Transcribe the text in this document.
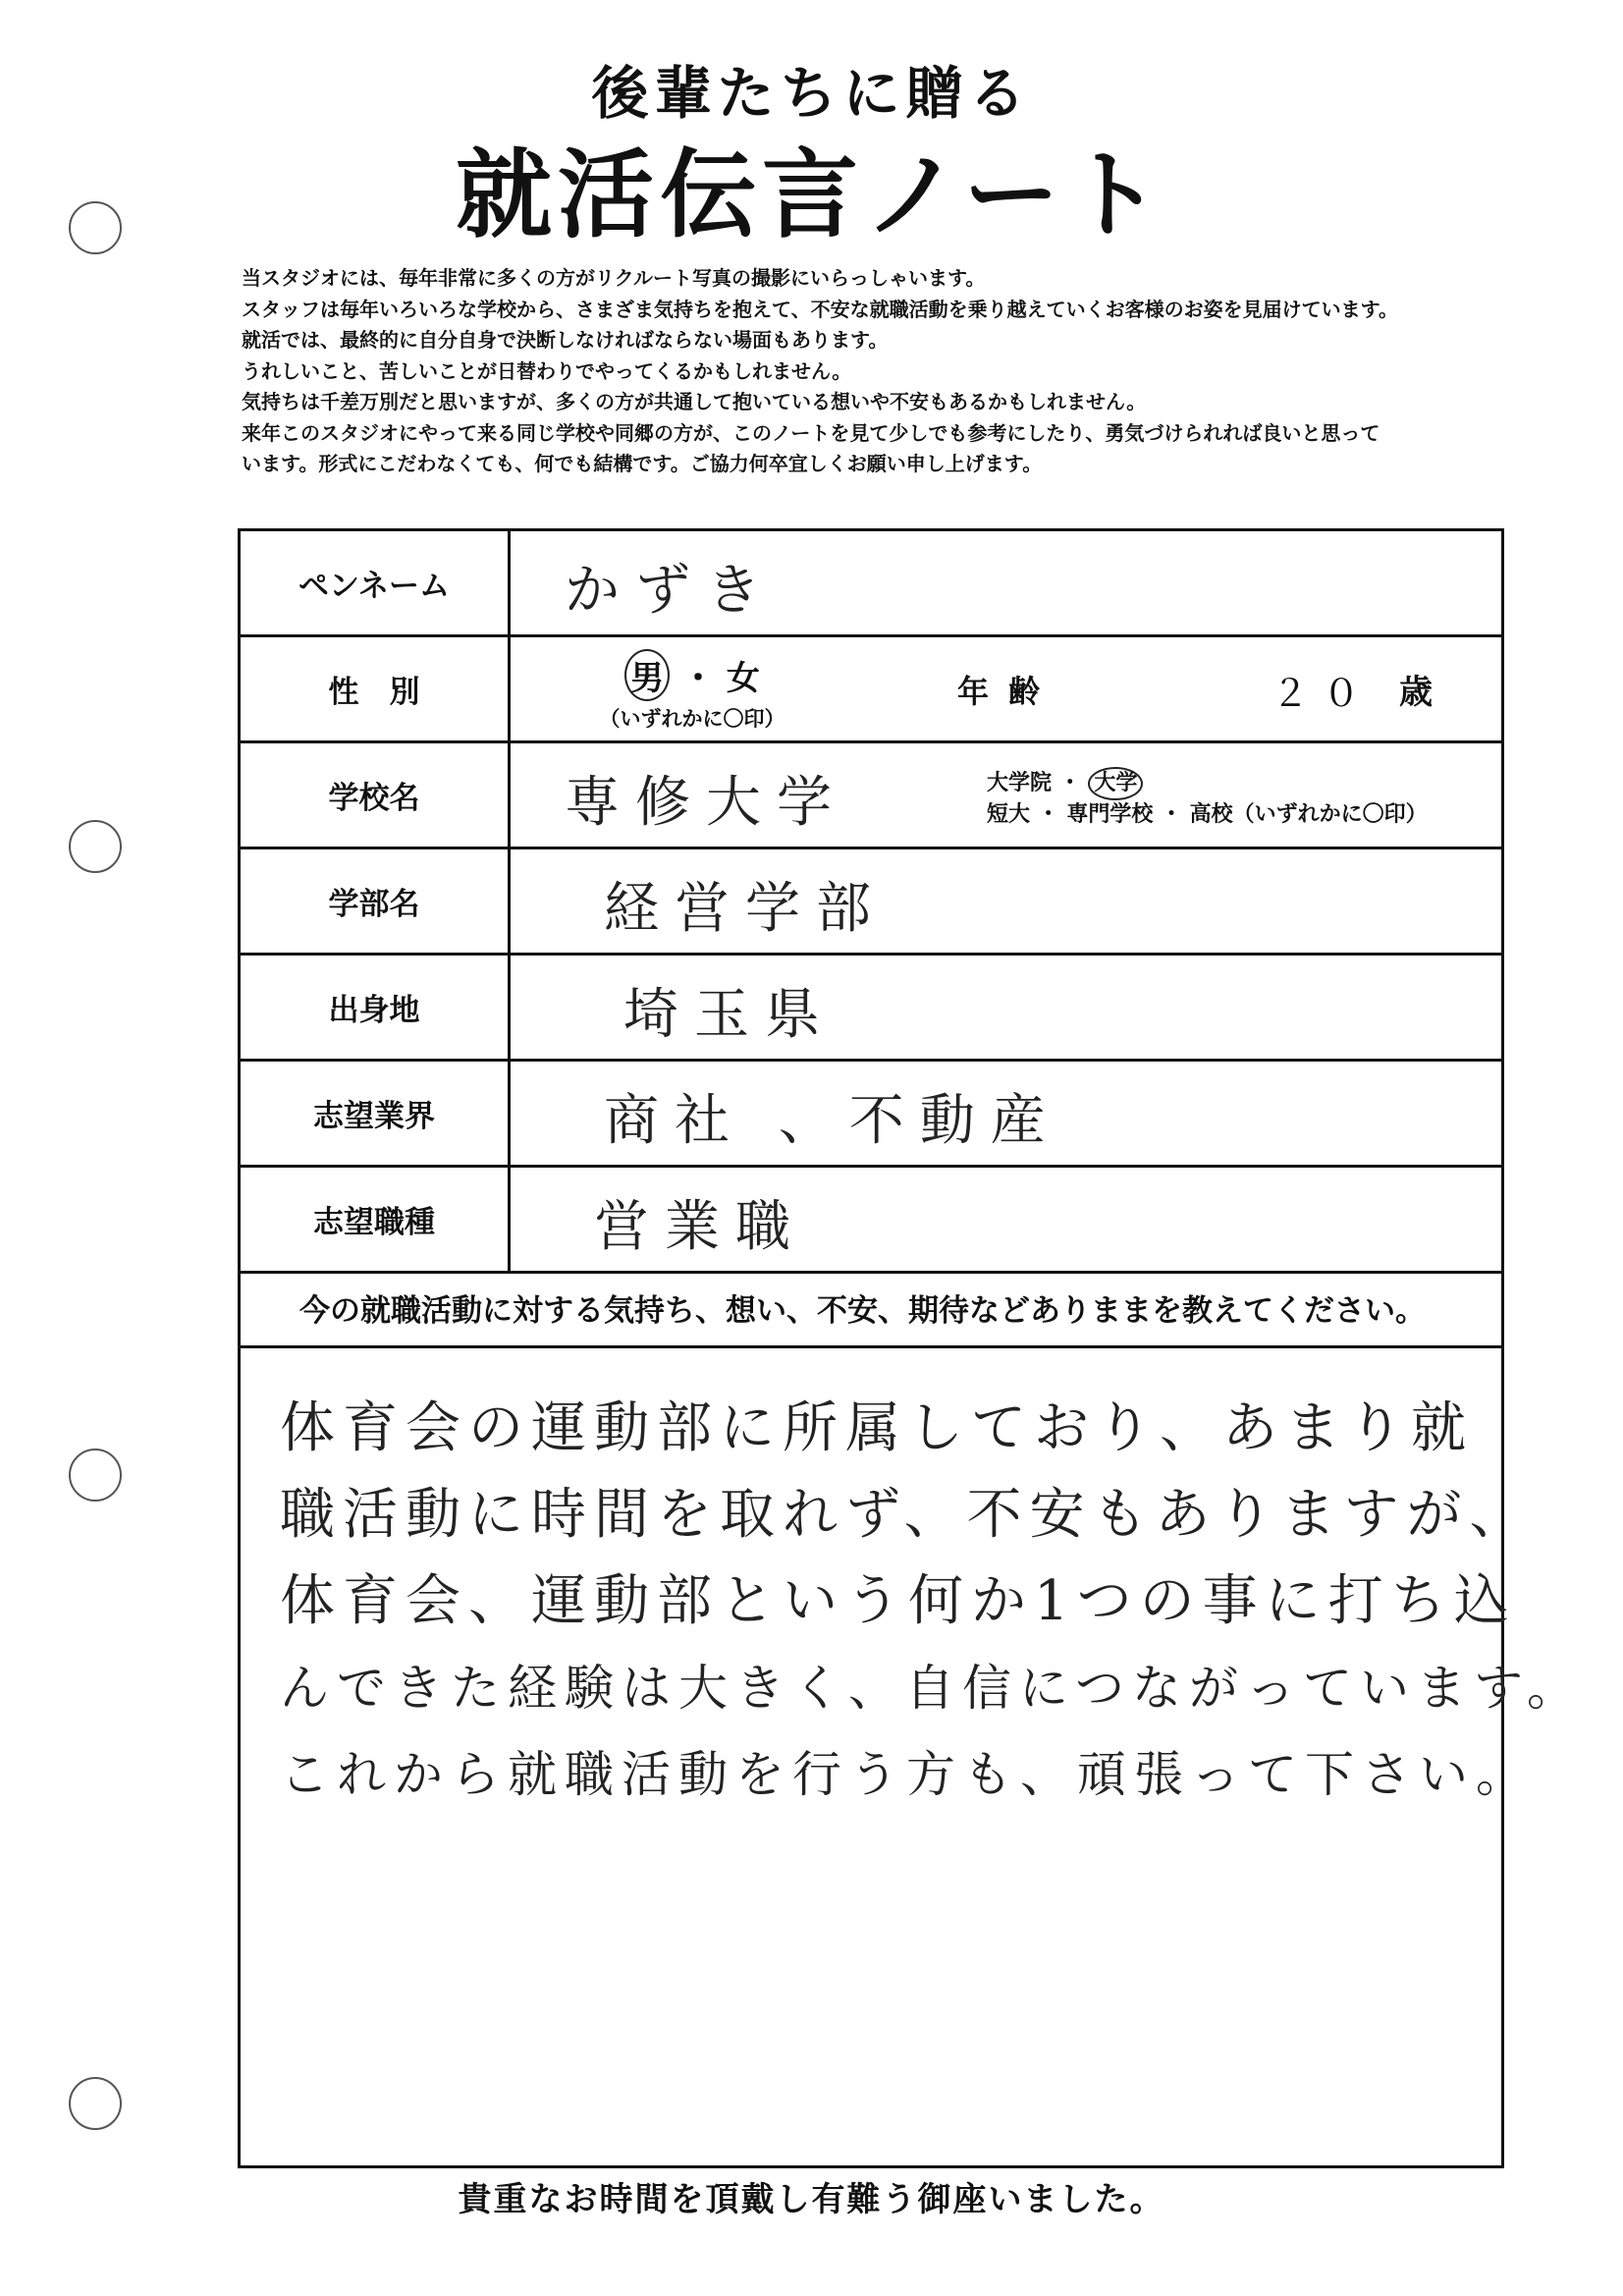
後輩たちに贈る
就活伝言ノート
当スタジオには、毎年非常に多くの方がリクルート写真の撮影にいらっしゃいます。
スタッフは毎年いろいろな学校から、さまざま気持ちを抱えて、不安な就職活動を乗り越えていくお客様のお姿を見届けています。
就活では、最終的に自分自身で決断しなければならない場面もあります。
うれしいこと、苦しいことが日替わりでやってくるかもしれません。
気持ちは千差万別だと思いますが、多くの方が共通して抱いている想いや不安もあるかもしれません。
来年このスタジオにやって来る同じ学校や同郷の方が、このノートを見て少しでも参考にしたり、勇気づけられれば良いと思って
います。形式にこだわなくても、何でも結構です。ご協力何卒宜しくお願い申し上げます。
ペンネーム	かずき
性　別	男 ・ 女
（いずれかに〇印）
年齢	２０ 歳
学校名	専修大学	大学院 ・ 大学
短大 ・ 専門学校 ・ 高校（いずれかに〇印）
学部名	経営学部
出身地	埼玉県
志望業界	商社 、不動産
志望職種	営業職
今の就職活動に対する気持ち、想い、不安、期待などありままを教えてください。
体育会の運動部に所属しており、あまり就
職活動に時間を取れず、不安もありますが、
体育会、運動部という何か1つの事に打ち込
んできた経験は大きく、自信につながっています。
これから就職活動を行う方も、頑張って下さい。
貴重なお時間を頂戴し有難う御座いました。
